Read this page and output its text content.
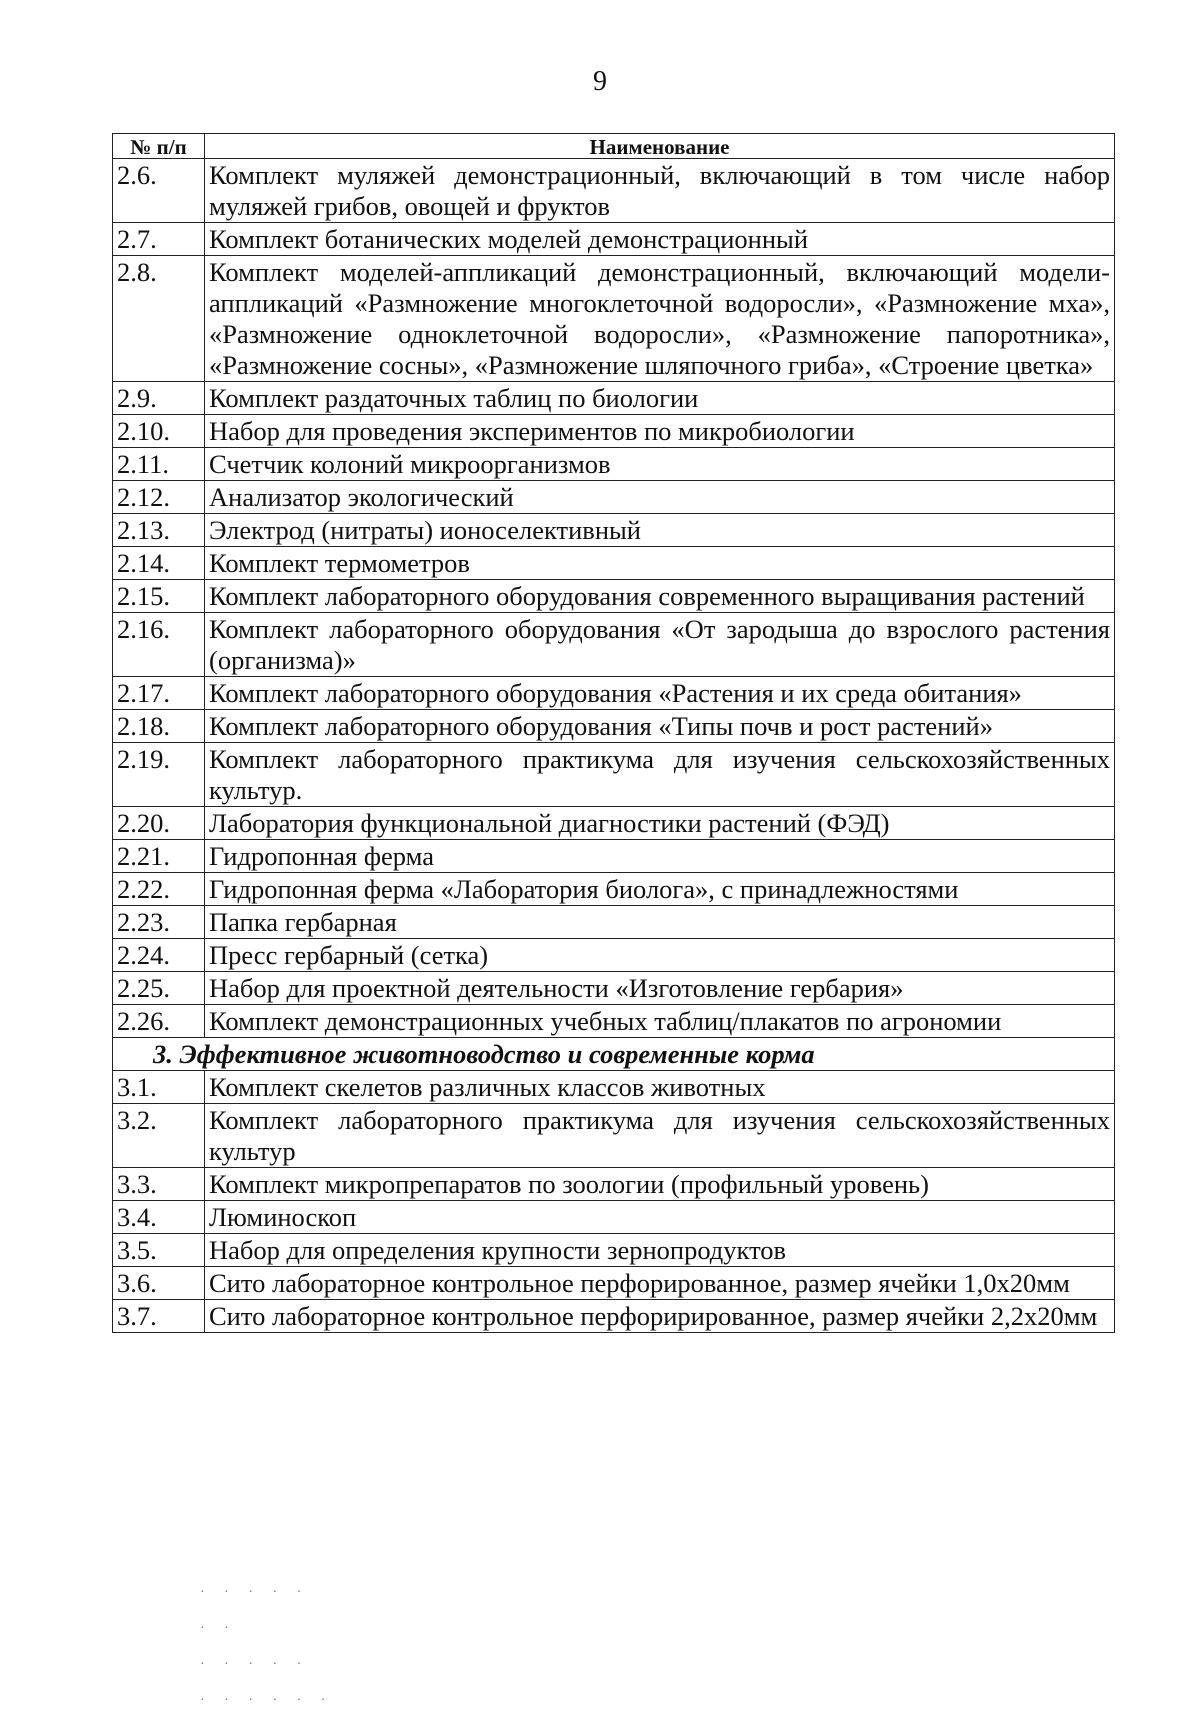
9
№ п/п	Наименование
2.6.	Комплект муляжей демонстрационный, включающий в том числе набор муляжей грибов, овощей и фруктов
2.7.	Комплект ботанических моделей демонстрационный
2.8.	Комплект моделей-аппликаций демонстрационный, включающий модели-аппликаций «Размножение многоклеточной водоросли», «Размножение мха», «Размножение одноклеточной водоросли», «Размножение папоротника», «Размножение сосны», «Размножение шляпочного гриба», «Строение цветка»
2.9.	Комплект раздаточных таблиц по биологии
2.10.	Набор для проведения экспериментов по микробиологии
2.11.	Счетчик колоний микроорганизмов
2.12.	Анализатор экологический
2.13.	Электрод (нитраты) ионоселективный
2.14.	Комплект термометров
2.15.	Комплект лабораторного оборудования современного выращивания растений
2.16.	Комплект лабораторного оборудования «От зародыша до взрослого растения (организма)»
2.17.	Комплект лабораторного оборудования «Растения и их среда обитания»
2.18.	Комплект лабораторного оборудования «Типы почв и рост растений»
2.19.	Комплект лабораторного практикума для изучения сельскохозяйственных культур.
2.20.	Лаборатория функциональной диагностики растений (ФЭД)
2.21.	Гидропонная ферма
2.22.	Гидропонная ферма «Лаборатория биолога», с принадлежностями
2.23.	Папка гербарная
2.24.	Пресс гербарный (сетка)
2.25.	Набор для проектной деятельности «Изготовление гербария»
2.26.	Комплект демонстрационных учебных таблиц/плакатов по агрономии
3. Эффективное животноводство и современные корма	
3.1.	Комплект скелетов различных классов животных
3.2.	Комплект лабораторного практикума для изучения сельскохозяйственных культур
3.3.	Комплект микропрепаратов по зоологии (профильный уровень)
3.4.	Люминоскоп
3.5.	Набор для определения крупности зернопродуктов
3.6.	Сито лабораторное контрольное перфорированное, размер ячейки 1,0х20мм
3.7.	Сито лабораторное контрольное перфорирированное, размер ячейки 2,2х20мм
· · · · ·
· ·
· · · · ·
· · · · · ·
